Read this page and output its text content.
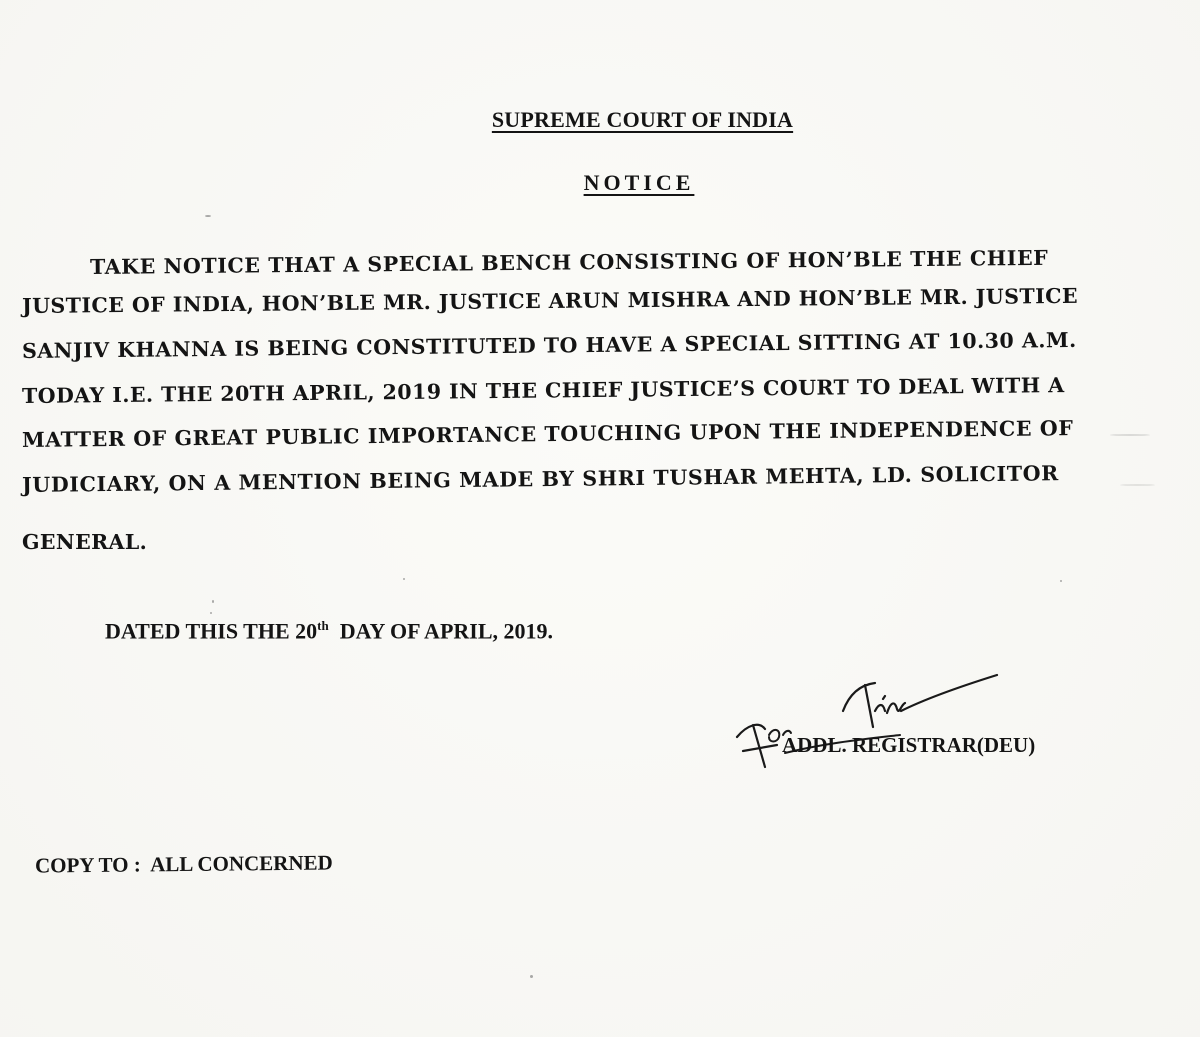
SUPREME COURT OF INDIA
NOTICE

TAKE NOTICE THAT A SPECIAL BENCH CONSISTING OF HON’BLE THE CHIEF

JUSTICE OF INDIA, HON’BLE MR. JUSTICE ARUN MISHRA AND HON’BLE MR. JUSTICE

SANJIV KHANNA IS BEING CONSTITUTED TO HAVE A SPECIAL SITTING AT 10.30 A.M.

TODAY I.E. THE 20TH APRIL, 2019 IN THE CHIEF JUSTICE’S COURT TO DEAL WITH A

MATTER OF GREAT PUBLIC IMPORTANCE TOUCHING UPON THE INDEPENDENCE OF

JUDICIARY, ON A MENTION BEING MADE BY SHRI TUSHAR MEHTA, LD. SOLICITOR

GENERAL.

DATED THIS THE 20th  DAY OF APRIL, 2019.

ADDL. REGISTRAR(DEU)

COPY TO :  ALL CONCERNED
